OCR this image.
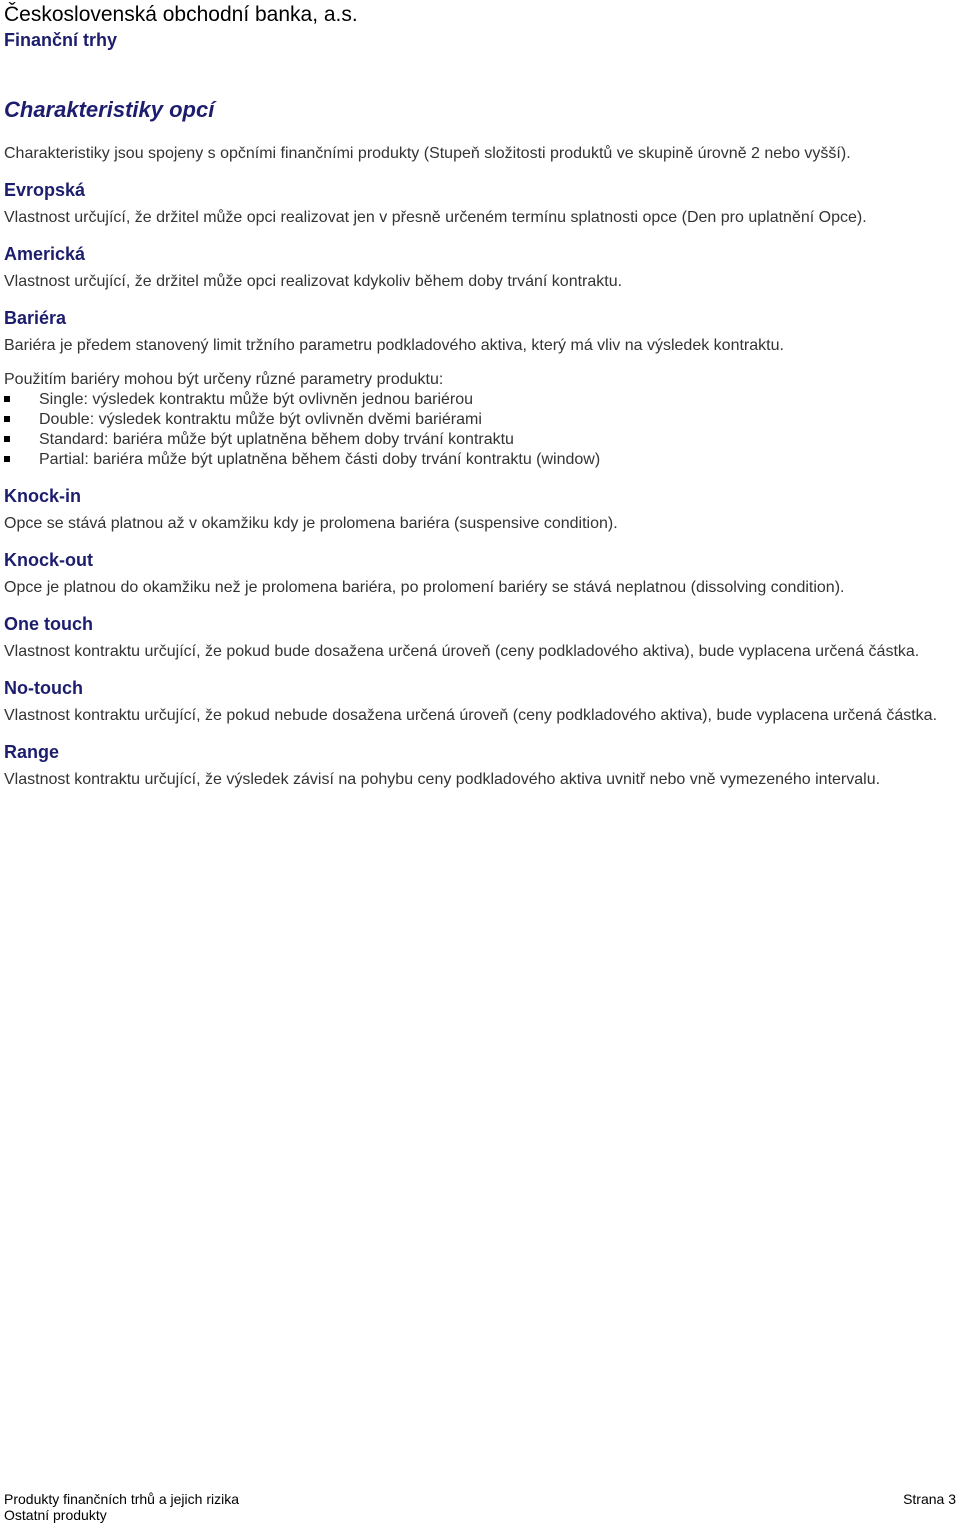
Československá obchodní banka, a.s.
Finanční trhy
Charakteristiky opcí

Charakteristiky jsou spojeny s opčními finančními produkty (Stupeň složitosti produktů ve skupině úrovně 2 nebo vyšší).

Evropská

Vlastnost určující, že držitel může opci realizovat jen v přesně určeném termínu splatnosti opce (Den pro uplatnění Opce).

Americká

Vlastnost určující, že držitel může opci realizovat kdykoliv během doby trvání kontraktu.

Bariéra

Bariéra je předem stanovený limit tržního parametru podkladového aktiva, který má vliv na výsledek kontraktu.

Použitím bariéry mohou být určeny různé parametry produktu:

Single: výsledek kontraktu může být ovlivněn jednou bariérou
Double: výsledek kontraktu může být ovlivněn dvěmi bariérami
Standard: bariéra může být uplatněna během doby trvání kontraktu
Partial: bariéra může být uplatněna během části doby trvání kontraktu (window)
Knock-in

Opce se stává platnou až v okamžiku kdy je prolomena bariéra (suspensive condition).

Knock-out

Opce je platnou do okamžiku než je prolomena bariéra, po prolomení bariéry se stává neplatnou (dissolving condition).

One touch

Vlastnost kontraktu určující, že pokud bude dosažena určená úroveň (ceny podkladového aktiva), bude vyplacena určená částka.

No-touch

Vlastnost kontraktu určující, že pokud nebude dosažena určená úroveň (ceny podkladového aktiva), bude vyplacena určená částka.

Range

Vlastnost kontraktu určující, že výsledek závisí na pohybu ceny podkladového aktiva uvnitř nebo vně vymezeného intervalu.

Produkty finančních trhů a jejich rizika
Ostatní produkty
Strana 3
